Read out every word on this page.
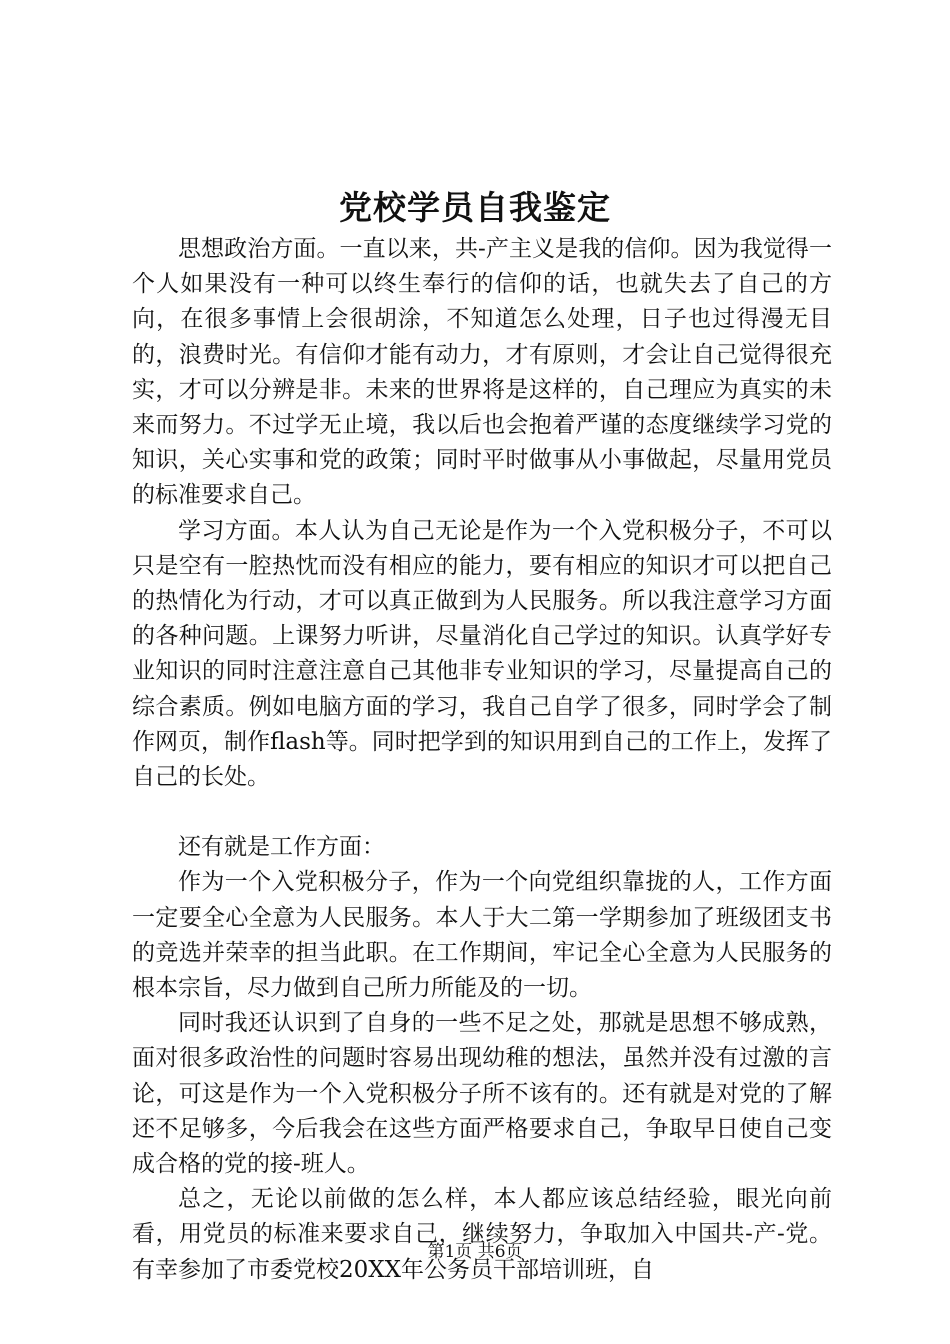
党校学员自我鉴定

思想政治方面。一直以来，共-产主义是我的信仰。因为我觉得一个人如果没有一种可以终生奉行的信仰的话，也就失去了自己的方向，在很多事情上会很胡涂，不知道怎么处理，日子也过得漫无目的，浪费时光。有信仰才能有动力，才有原则，才会让自己觉得很充实，才可以分辨是非。未来的世界将是这样的，自己理应为真实的未来而努力。不过学无止境，我以后也会抱着严谨的态度继续学习党的知识，关心实事和党的政策；同时平时做事从小事做起，尽量用党员的标准要求自己。

学习方面。本人认为自己无论是作为一个入党积极分子，不可以只是空有一腔热忱而没有相应的能力，要有相应的知识才可以把自己的热情化为行动，才可以真正做到为人民服务。所以我注意学习方面的各种问题。上课努力听讲，尽量消化自己学过的知识。认真学好专业知识的同时注意注意自己其他非专业知识的学习，尽量提高自己的综合素质。例如电脑方面的学习，我自己自学了很多，同时学会了制作网页，制作flash等。同时把学到的知识用到自己的工作上，发挥了自己的长处。

还有就是工作方面：

作为一个入党积极分子，作为一个向党组织靠拢的人，工作方面一定要全心全意为人民服务。本人于大二第一学期参加了班级团支书的竞选并荣幸的担当此职。在工作期间，牢记全心全意为人民服务的根本宗旨，尽力做到自己所力所能及的一切。

同时我还认识到了自身的一些不足之处，那就是思想不够成熟，面对很多政治性的问题时容易出现幼稚的想法，虽然并没有过激的言论，可这是作为一个入党积极分子所不该有的。还有就是对党的了解还不足够多，今后我会在这些方面严格要求自己，争取早日使自己变成合格的党的接-班人。

总之，无论以前做的怎么样，本人都应该总结经验，眼光向前看，用党员的标准来要求自己，继续努力，争取加入中国共-产-党。有幸参加了市委党校20XX年公务员干部培训班，自

第1页 共6页
